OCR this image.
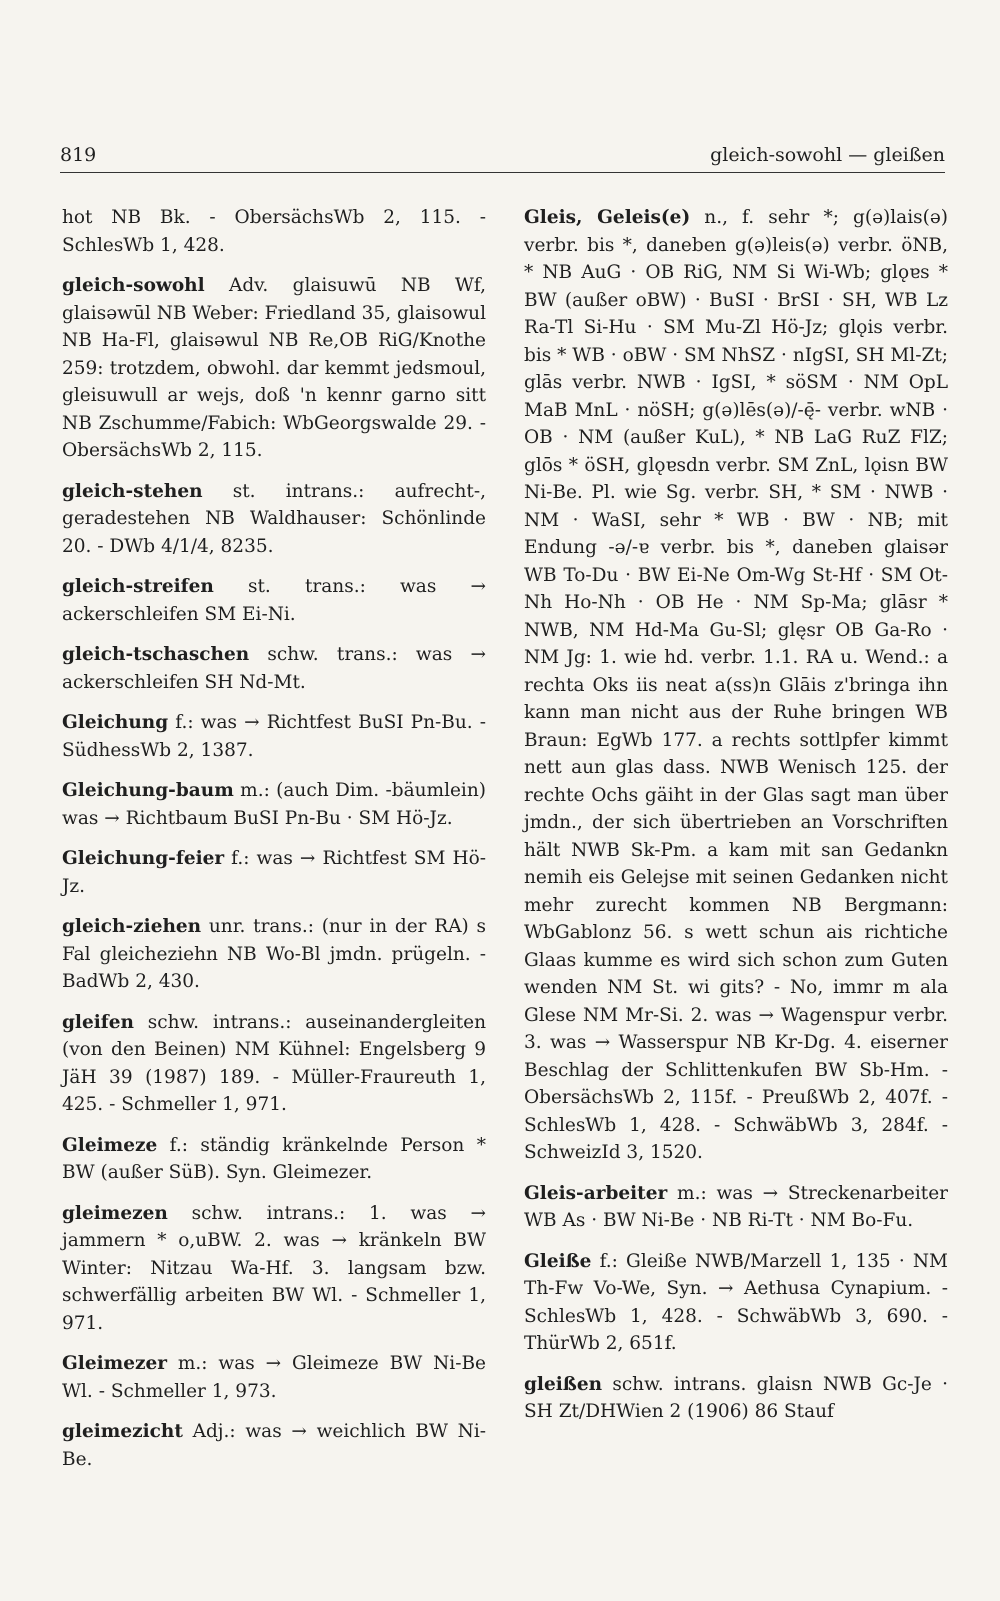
819	gleich-sowohl — gleißen

hot NB Bk. - ObersächsWb 2, 115. - SchlesWb 1, 428.

gleich-sowohl Adv. glaisuwū NB Wf, glaisəwūl NB Weber: Friedland 35, glaisowul NB Ha-Fl, glaisəwul NB Re,OB RiG/Knothe 259: trotzdem, obwohl. dar kemmt jedsmoul, gleisuwull ar wejs, doß 'n kennr garno sitt NB Zschumme/Fabich: WbGeorgswalde 29. - ObersächsWb 2, 115.

gleich-stehen st. intrans.: aufrecht-, geradestehen NB Waldhauser: Schönlinde 20. - DWb 4/1/4, 8235.

gleich-streifen st. trans.: was → ackerschleifen SM Ei-Ni.

gleich-tschaschen schw. trans.: was → ackerschleifen SH Nd-Mt.

Gleichung f.: was → Richtfest BuSI Pn-Bu. - SüdhessWb 2, 1387.

Gleichung-baum m.: (auch Dim. -bäumlein) was → Richtbaum BuSI Pn-Bu · SM Hö-Jz.

Gleichung-feier f.: was → Richtfest SM Hö-Jz.

gleich-ziehen unr. trans.: (nur in der RA) s Fal gleicheziehn NB Wo-Bl jmdn. prügeln. - BadWb 2, 430.

gleifen schw. intrans.: auseinandergleiten (von den Beinen) NM Kühnel: Engelsberg 9 JäH 39 (1987) 189. - Müller-Fraureuth 1, 425. - Schmeller 1, 971.

Gleimeze f.: ständig kränkelnde Person * BW (außer SüB). Syn. Gleimezer.

gleimezen schw. intrans.: 1. was → jammern * o,uBW. 2. was → kränkeln BW Winter: Nitzau Wa-Hf. 3. langsam bzw. schwerfällig arbeiten BW Wl. - Schmeller 1, 971.

Gleimezer m.: was → Gleimeze BW Ni-Be Wl. - Schmeller 1, 973.

gleimezicht Adj.: was → weichlich BW Ni-Be.

Gleis, Geleis(e) n., f. sehr *; g(ə)lais(ə) verbr. bis *, daneben g(ə)leis(ə) verbr. öNB, * NB AuG · OB RiG, NM Si Wi-Wb; glǫɐs * BW (außer oBW) · BuSI · BrSI · SH, WB Lz Ra-Tl Si-Hu · SM Mu-Zl Hö-Jz; glǫis verbr. bis * WB · oBW · SM NhSZ · nIgSI, SH Ml-Zt; glās verbr. NWB · IgSI, * söSM · NM OpL MaB MnL · nöSH; g(ə)lēs(ə)/-ę̄- verbr. wNB · OB · NM (außer KuL), * NB LaG RuZ FlZ; glōs * öSH, glǫɐsdn verbr. SM ZnL, lǫisn BW Ni-Be. Pl. wie Sg. verbr. SH, * SM · NWB · NM · WaSI, sehr * WB · BW · NB; mit Endung -ə/-ɐ verbr. bis *, daneben glaisər WB To-Du · BW Ei-Ne Om-Wg St-Hf · SM Ot-Nh Ho-Nh · OB He · NM Sp-Ma; glāsr * NWB, NM Hd-Ma Gu-Sl; glęsr OB Ga-Ro · NM Jg: 1. wie hd. verbr. 1.1. RA u. Wend.: a rechta Oks iis neat a(ss)n Glāis z'bringa ihn kann man nicht aus der Ruhe bringen WB Braun: EgWb 177. a rechts sottlpfer kimmt nett aun glas dass. NWB Wenisch 125. der rechte Ochs gäiht in der Glas sagt man über jmdn., der sich übertrieben an Vorschriften hält NWB Sk-Pm. a kam mit san Gedankn nemih eis Gelejse mit seinen Gedanken nicht mehr zurecht kommen NB Bergmann: WbGablonz 56. s wett schun ais richtiche Glaas kumme es wird sich schon zum Guten wenden NM St. wi gits? - No, immr m ala Glese NM Mr-Si. 2. was → Wagenspur verbr. 3. was → Wasserspur NB Kr-Dg. 4. eiserner Beschlag der Schlittenkufen BW Sb-Hm. - ObersächsWb 2, 115f. - PreußWb 2, 407f. - SchlesWb 1, 428. - SchwäbWb 3, 284f. - SchweizId 3, 1520.

Gleis-arbeiter m.: was → Streckenarbeiter WB As · BW Ni-Be · NB Ri-Tt · NM Bo-Fu.

Gleiße f.: Gleiße NWB/Marzell 1, 135 · NM Th-Fw Vo-We, Syn. → Aethusa Cynapium. - SchlesWb 1, 428. - SchwäbWb 3, 690. - ThürWb 2, 651f.

gleißen schw. intrans. glaisn NWB Gc-Je · SH Zt/DHWien 2 (1906) 86 Stauf
